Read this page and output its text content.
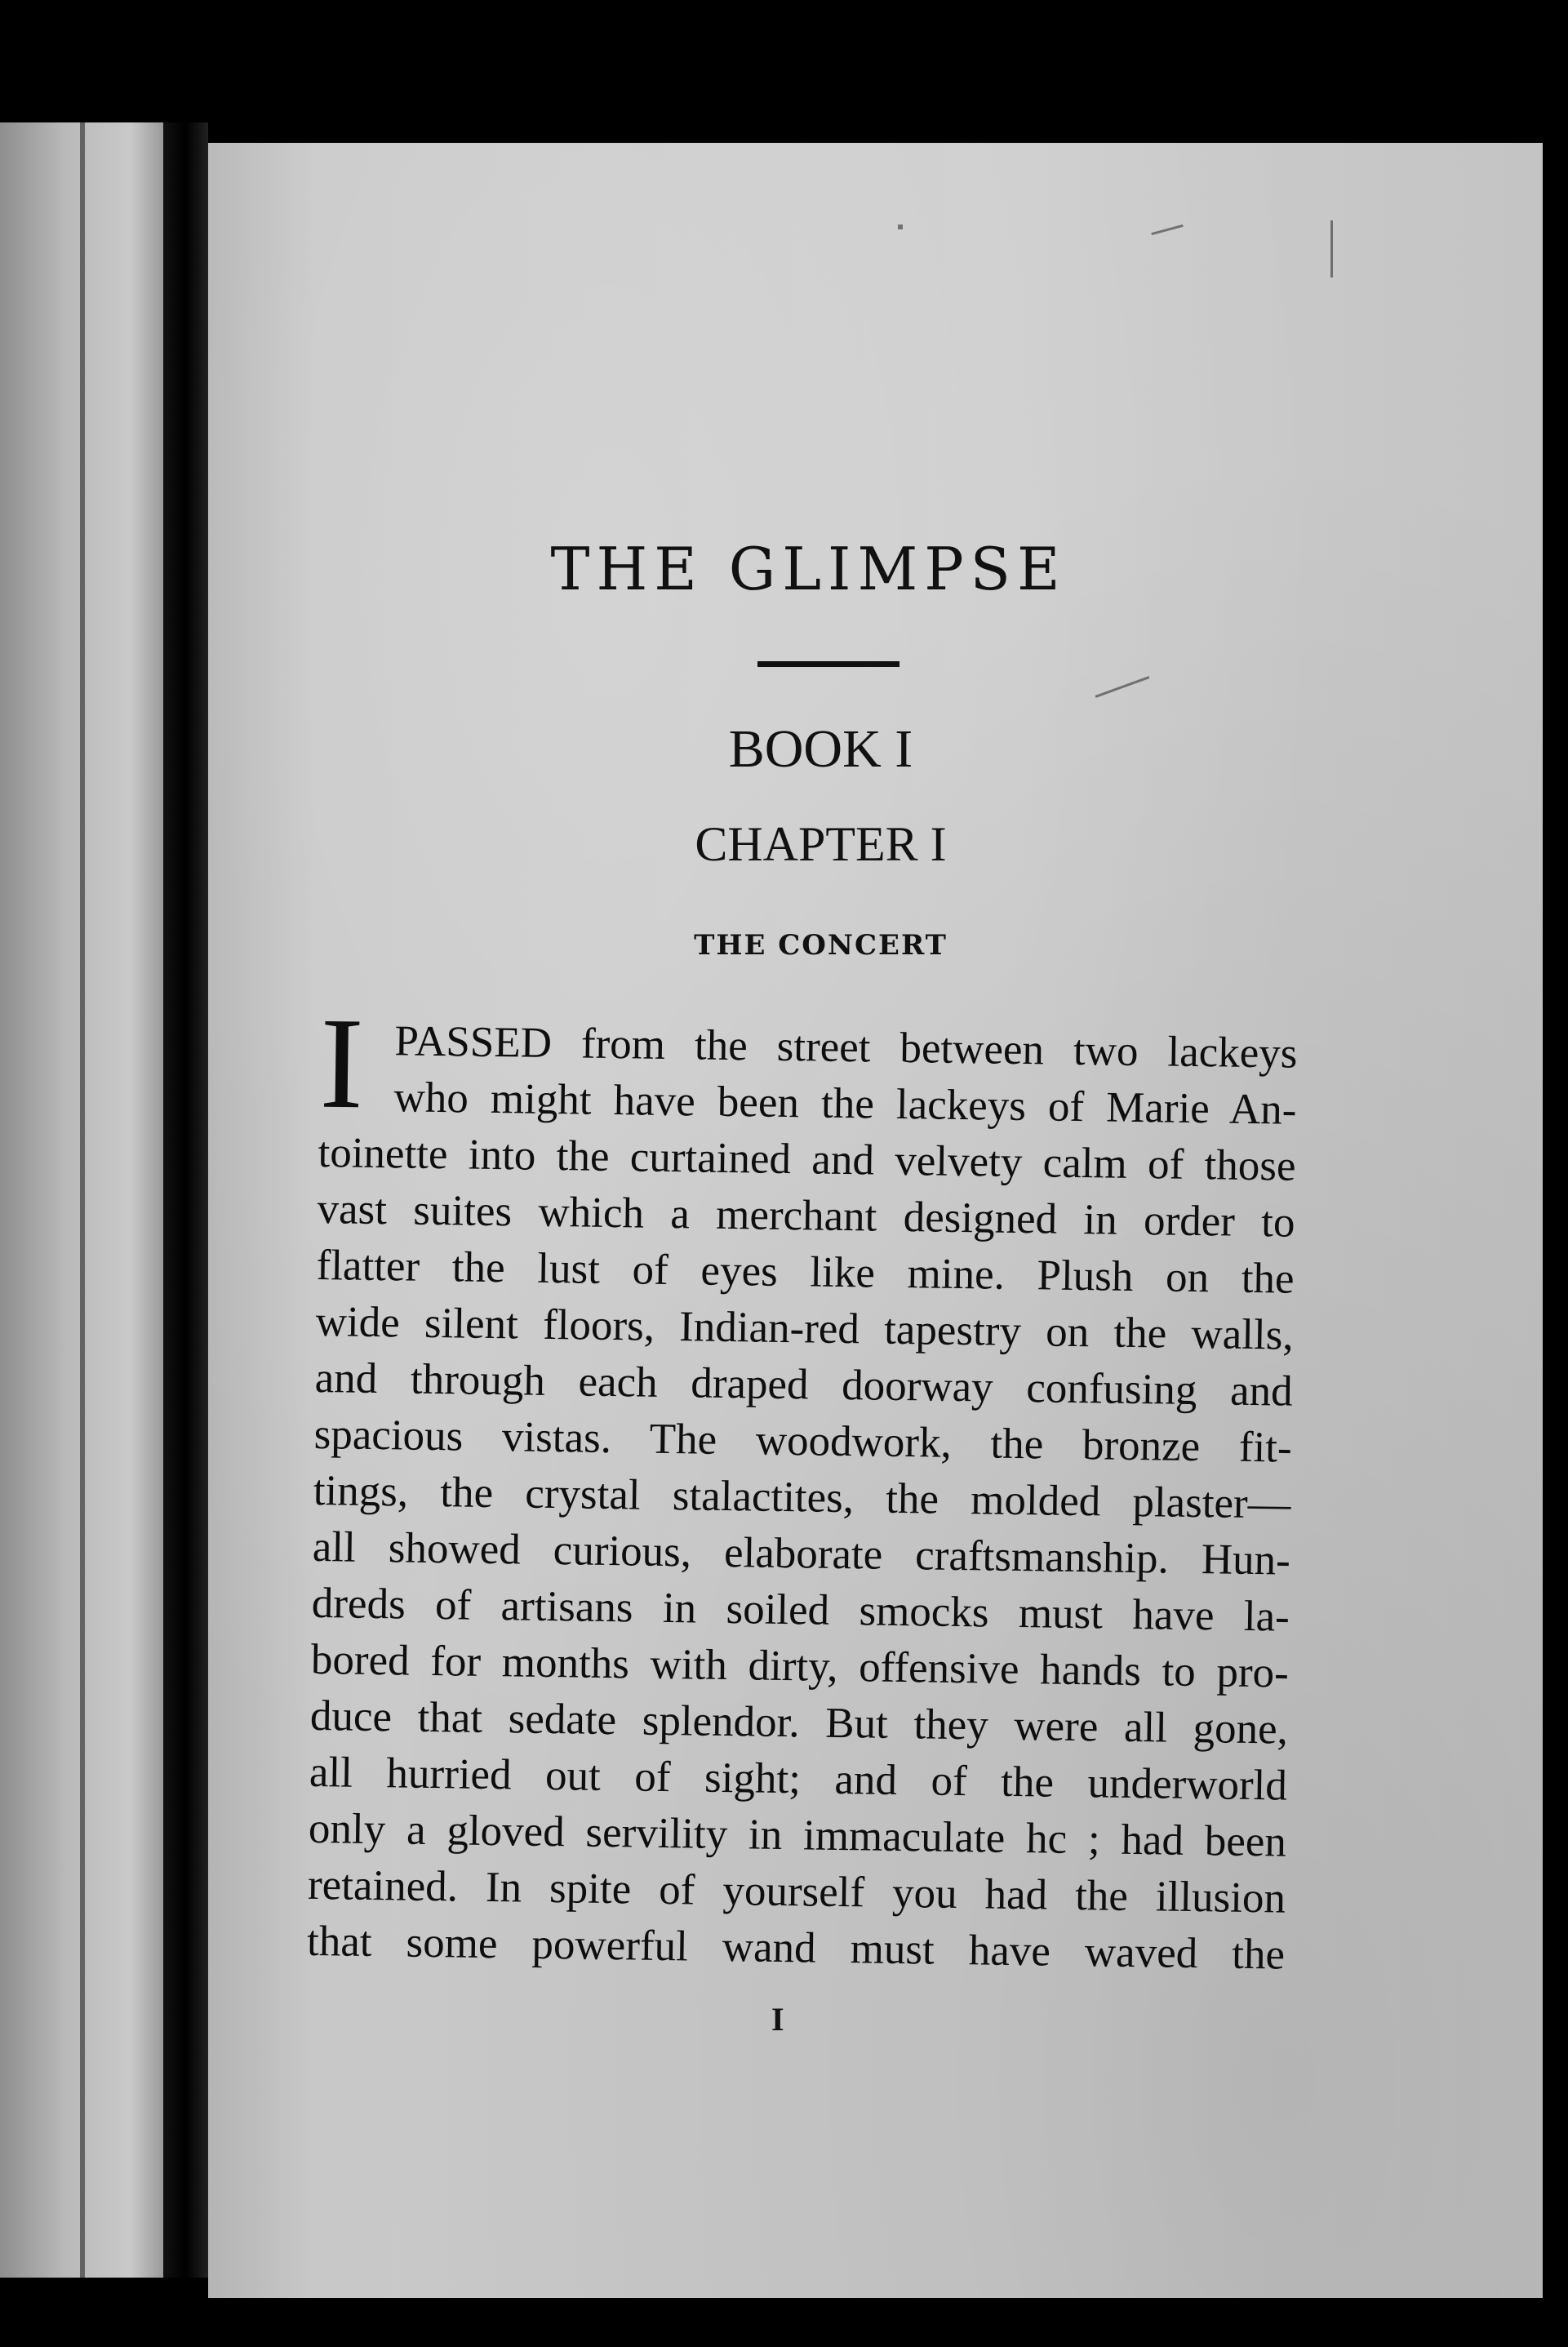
THE GLIMPSE
BOOK I
CHAPTER I
THE CONCERT
I PASSED from the street between two lackeys
who might have been the lackeys of Marie An-
toinette into the curtained and velvety calm of those
vast suites which a merchant designed in order to
flatter the lust of eyes like mine. Plush on the
wide silent floors, Indian-red tapestry on the walls,
and through each draped doorway confusing and
spacious vistas. The woodwork, the bronze fit-
tings, the crystal stalactites, the molded plaster—
all showed curious, elaborate craftsmanship. Hun-
dreds of artisans in soiled smocks must have la-
bored for months with dirty, offensive hands to pro-
duce that sedate splendor. But they were all gone,
all hurried out of sight; and of the underworld
only a gloved servility in immaculate hc ; had been
retained. In spite of yourself you had the illusion
that some powerful wand must have waved the
I
